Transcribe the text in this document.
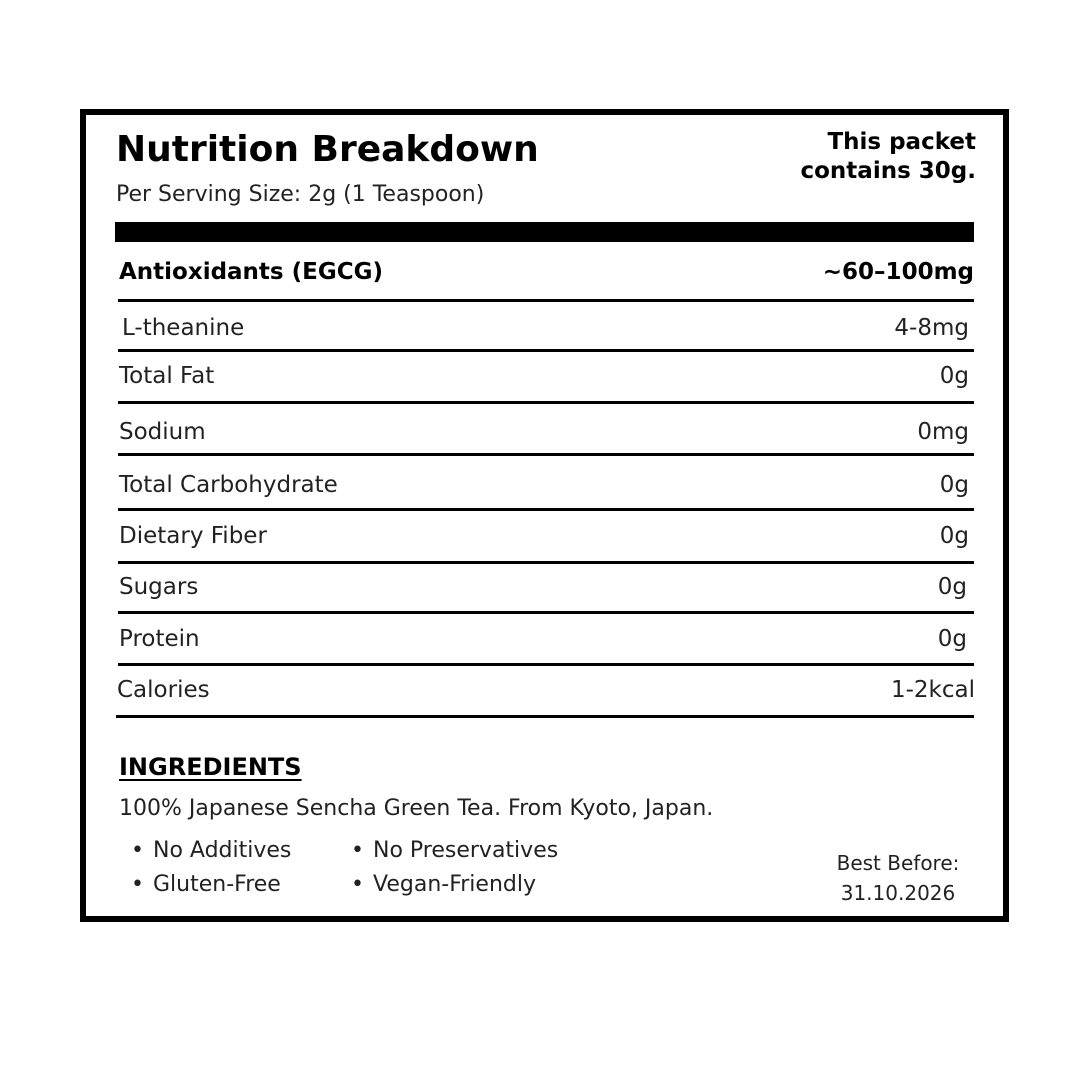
Nutrition Breakdown
Per Serving Size: 2g (1 Teaspoon)
This packet
contains 30g.
Antioxidants (EGCG)	~60–100mg
L-theanine	4-8mg
Total Fat	0g
Sodium	0mg
Total Carbohydrate	0g
Dietary Fiber	0g
Sugars	0g
Protein	0g
Calories	1-2kcal
INGREDIENTS
100% Japanese Sencha Green Tea. From Kyoto, Japan.
• No Additives
• Gluten-Free
• No Preservatives
• Vegan-Friendly
Best Before:
31.10.2026
